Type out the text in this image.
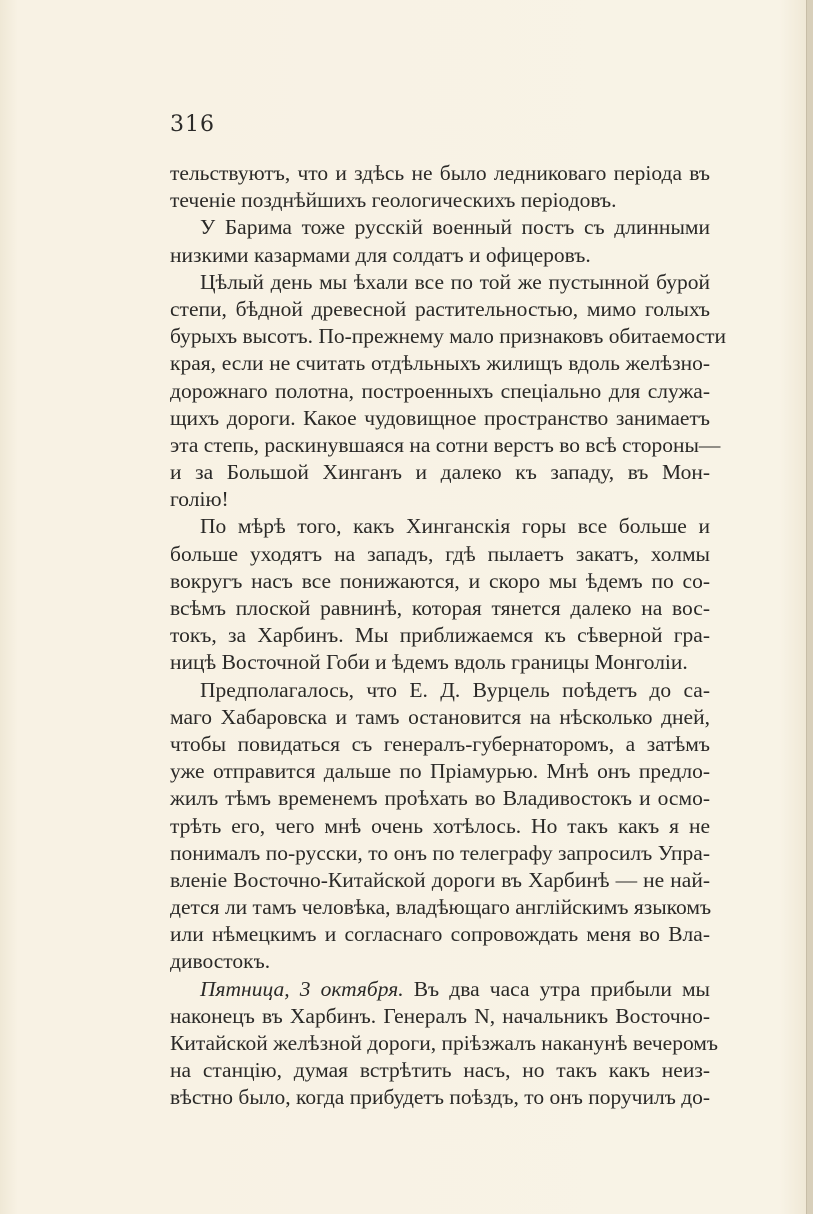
316
тельствуютъ, что и здѣсь не было ледниковаго періода въ
теченіе позднѣйшихъ геологическихъ періодовъ.
У Барима тоже русскій военный постъ съ длинными
низкими казармами для солдатъ и офицеровъ.
Цѣлый день мы ѣхали все по той же пустынной бурой
степи, бѣдной древесной растительностью, мимо голыхъ
бурыхъ высотъ. По-прежнему мало признаковъ обитаемости
края, если не считать отдѣльныхъ жилищъ вдоль желѣзно-
дорожнаго полотна, построенныхъ спеціально для служа-
щихъ дороги. Какое чудовищное пространство занимаетъ
эта степь, раскинувшаяся на сотни верстъ во всѣ стороны—
и за Большой Хинганъ и далеко къ западу, въ Мон-
голію!
По мѣрѣ того, какъ Хинганскія горы все больше и
больше уходятъ на западъ, гдѣ пылаетъ закатъ, холмы
вокругъ насъ все понижаются, и скоро мы ѣдемъ по со-
всѣмъ плоской равнинѣ, которая тянется далеко на вос-
токъ, за Харбинъ. Мы приближаемся къ сѣверной гра-
ницѣ Восточной Гоби и ѣдемъ вдоль границы Монголіи.
Предполагалось, что Е. Д. Вурцель поѣдетъ до са-
маго Хабаровска и тамъ остановится на нѣсколько дней,
чтобы повидаться съ генералъ-губернаторомъ, а затѣмъ
уже отправится дальше по Пріамурью. Мнѣ онъ предло-
жилъ тѣмъ временемъ проѣхать во Владивостокъ и осмо-
трѣть его, чего мнѣ очень хотѣлось. Но такъ какъ я не
понималъ по-русски, то онъ по телеграфу запросилъ Упра-
вленіе Восточно-Китайской дороги въ Харбинѣ — не най-
дется ли тамъ человѣка, владѣющаго англійскимъ языкомъ
или нѣмецкимъ и согласнаго сопровождать меня во Вла-
дивостокъ.
Пятница, 3 октября. Въ два часа утра прибыли мы
наконецъ въ Харбинъ. Генералъ N, начальникъ Восточно-
Китайской желѣзной дороги, пріѣзжалъ наканунѣ вечеромъ
на станцію, думая встрѣтить насъ, но такъ какъ неиз-
вѣстно было, когда прибудетъ поѣздъ, то онъ поручилъ до-
